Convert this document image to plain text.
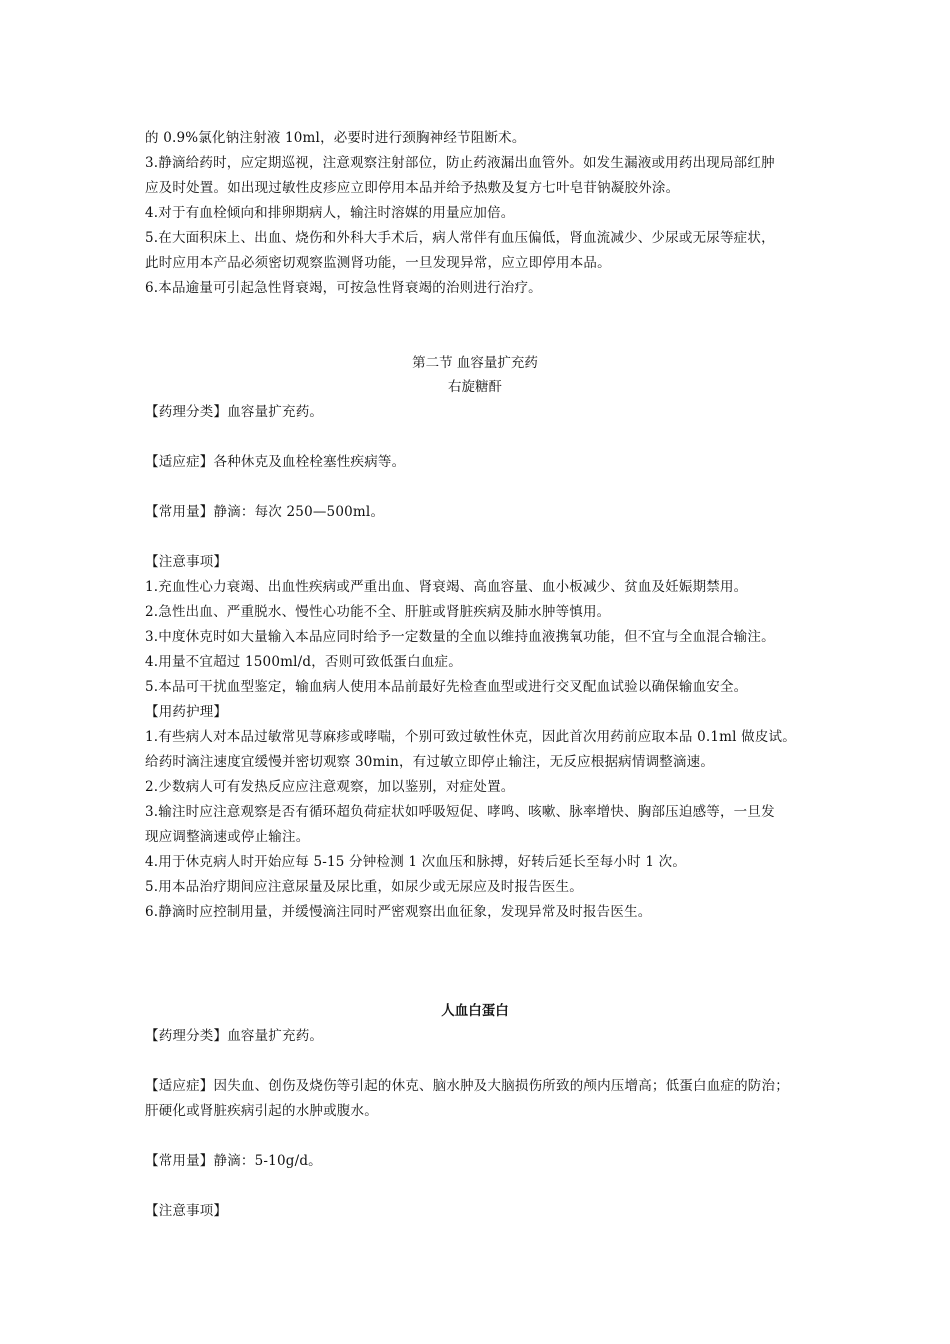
的 0.9%氯化钠注射液 10ml，必要时进行颈胸神经节阻断术。
3.静滴给药时，应定期巡视，注意观察注射部位，防止药液漏出血管外。如发生漏液或用药出现局部红肿
应及时处置。如出现过敏性皮疹应立即停用本品并给予热敷及复方七叶皂苷钠凝胶外涂。
4.对于有血栓倾向和排卵期病人，输注时溶媒的用量应加倍。
5.在大面积床上、出血、烧伤和外科大手术后，病人常伴有血压偏低，肾血流减少、少尿或无尿等症状，
此时应用本产品必须密切观察监测肾功能，一旦发现异常，应立即停用本品。
6.本品逾量可引起急性肾衰竭，可按急性肾衰竭的治则进行治疗。
第二节 血容量扩充药
右旋糖酐
【药理分类】血容量扩充药。
【适应症】各种休克及血栓栓塞性疾病等。
【常用量】静滴：每次 250—500ml。
【注意事项】
1.充血性心力衰竭、出血性疾病或严重出血、肾衰竭、高血容量、血小板减少、贫血及妊娠期禁用。
2.急性出血、严重脱水、慢性心功能不全、肝脏或肾脏疾病及肺水肿等慎用。
3.中度休克时如大量输入本品应同时给予一定数量的全血以维持血液携氧功能，但不宜与全血混合输注。
4.用量不宜超过 1500ml/d，否则可致低蛋白血症。
5.本品可干扰血型鉴定，输血病人使用本品前最好先检查血型或进行交叉配血试验以确保输血安全。
【用药护理】
1.有些病人对本品过敏常见荨麻疹或哮喘，个别可致过敏性休克，因此首次用药前应取本品 0.1ml 做皮试。
给药时滴注速度宜缓慢并密切观察 30min，有过敏立即停止输注，无反应根据病情调整滴速。
2.少数病人可有发热反应应注意观察，加以鉴别，对症处置。
3.输注时应注意观察是否有循环超负荷症状如呼吸短促、哮鸣、咳嗽、脉率增快、胸部压迫感等，一旦发
现应调整滴速或停止输注。
4.用于休克病人时开始应每 5-15 分钟检测 1 次血压和脉搏，好转后延长至每小时 1 次。
5.用本品治疗期间应注意尿量及尿比重，如尿少或无尿应及时报告医生。
6.静滴时应控制用量，并缓慢滴注同时严密观察出血征象，发现异常及时报告医生。
人血白蛋白
【药理分类】血容量扩充药。
【适应症】因失血、创伤及烧伤等引起的休克、脑水肿及大脑损伤所致的颅内压增高；低蛋白血症的防治；
肝硬化或肾脏疾病引起的水肿或腹水。
【常用量】静滴：5-10g/d。
【注意事项】
